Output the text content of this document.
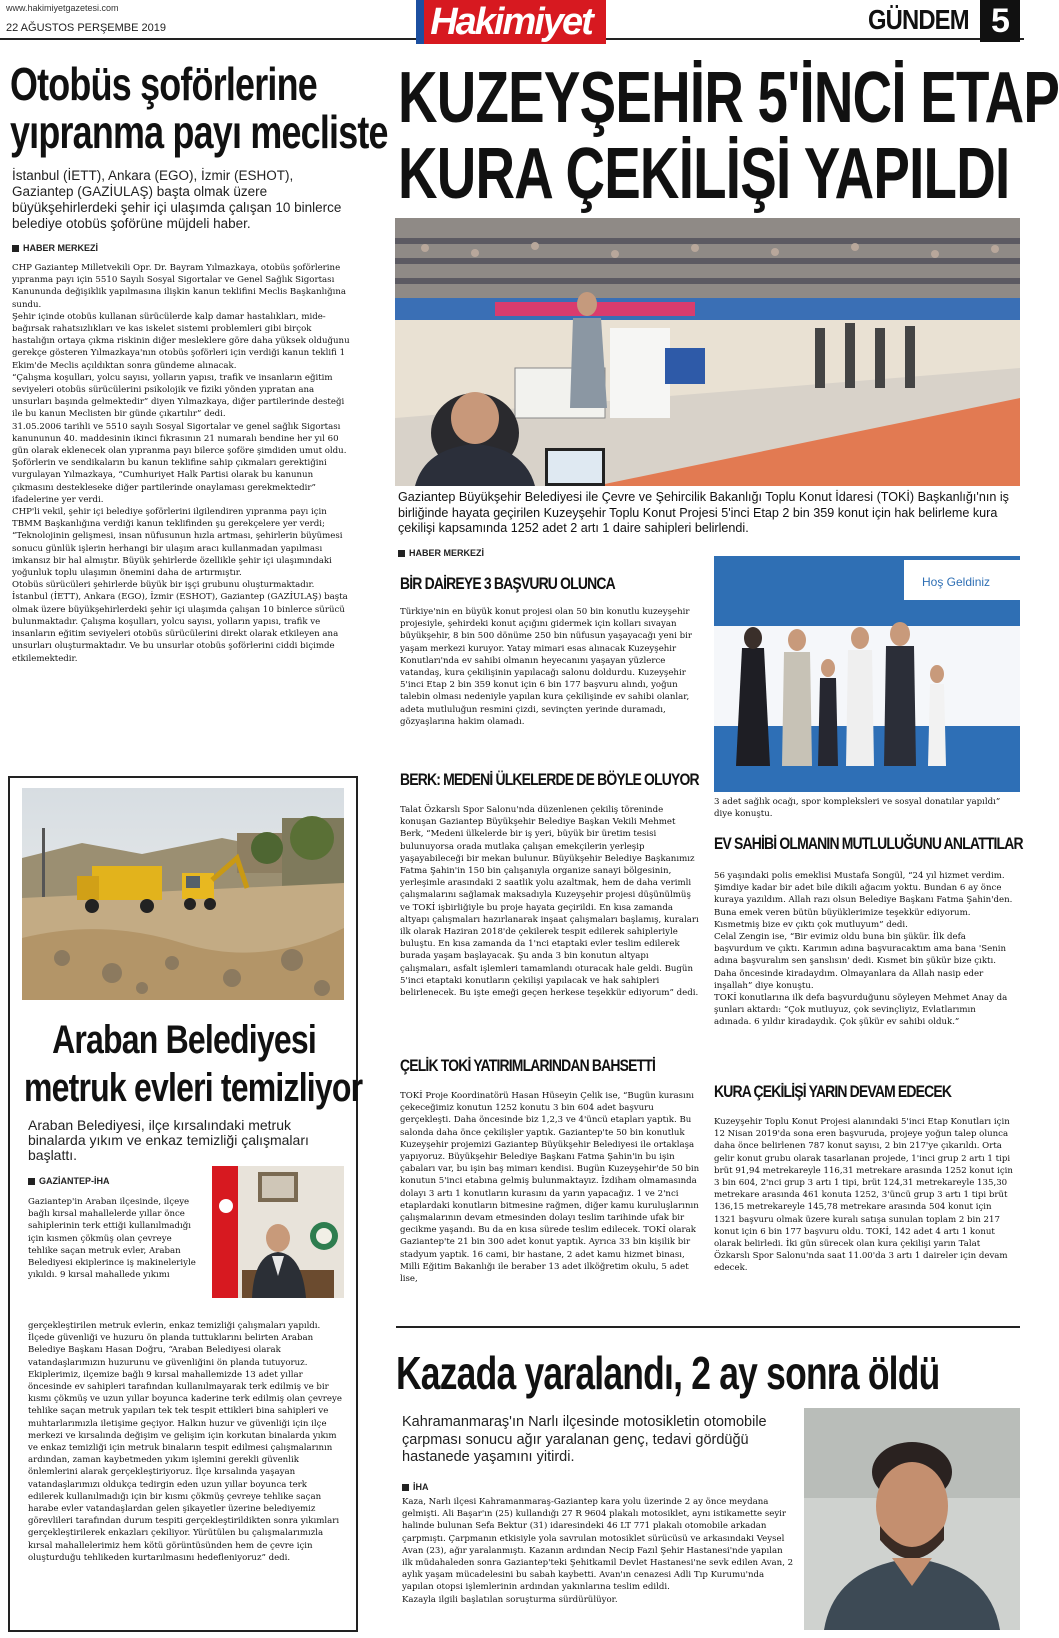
www.hakimiyetgazetesi.com
22 AĞUSTOS PERŞEMBE 2019	Hakimiyet	GÜNDEM 5
Otobüs şoförlerine
yıpranma payı mecliste
İstanbul (İETT), Ankara (EGO), İzmir (ESHOT), Gaziantep (GAZİULAŞ) başta olmak üzere büyükşehirlerdeki şehir içi ulaşımda çalışan 10 binlerce belediye otobüs şoförüne müjdeli haber.
HABER MERKEZİ
CHP Gaziantep Milletvekili Opr. Dr. Bayram Yılmazkaya, otobüs şoförlerine yıpranma payı için 5510 Sayılı Sosyal Sigortalar ve Genel Sağlık Sigortası Kanununda değişiklik yapılmasına ilişkin kanun teklifini Meclis Başkanlığına sundu.
Şehir içinde otobüs kullanan sürücülerde kalp damar hastalıkları, mide-bağırsak rahatsızlıkları ve kas iskelet sistemi problemleri gibi birçok hastalığın ortaya çıkma riskinin diğer mesleklere göre daha yüksek olduğunu gerekçe gösteren Yılmazkaya'nın otobüs şoförleri için verdiği kanun teklifi 1 Ekim'de Meclis açıldıktan sonra gündeme alınacak.
“Çalışma koşulları, yolcu sayısı, yolların yapısı, trafik ve insanların eğitim seviyeleri otobüs sürücülerini psikolojik ve fiziki yönden yıpratan ana unsurları başında gelmektedir” diyen Yılmazkaya, diğer partilerinde desteği ile bu kanun Meclisten bir günde çıkartılır” dedi.
31.05.2006 tarihli ve 5510 sayılı Sosyal Sigortalar ve genel sağlık Sigortası kanununun 40. maddesinin ikinci fıkrasının 21 numaralı bendine her yıl 60 gün olarak eklenecek olan yıpranma payı bilerce şoföre şimdiden umut oldu.
Şoförlerin ve sendikaların bu kanun teklifine sahip çıkmaları gerektiğini vurgulayan Yılmazkaya, “Cumhuriyet Halk Partisi olarak bu kanunun çıkmasını destekleseke diğer partilerinde onaylaması gerekmektedir” ifadelerine yer verdi.
CHP'li vekil, şehir içi belediye şoförlerini ilgilendiren yıpranma payı için TBMM Başkanlığına verdiği kanun teklifinden şu gerekçelere yer verdi;
“Teknolojinin gelişmesi, insan nüfusunun hızla artması, şehirlerin büyümesi sonucu günlük işlerin herhangi bir ulaşım aracı kullanmadan yapılması imkansız bir hal almıştır. Büyük şehirlerde özellikle şehir içi ulaşımındaki yoğunluk toplu ulaşımın önemini daha de artırmıştır.
Otobüs sürücüleri şehirlerde büyük bir işçi grubunu oluşturmaktadır. İstanbul (İETT), Ankara (EGO), İzmir (ESHOT), Gaziantep (GAZİULAŞ) başta olmak üzere büyükşehirlerdeki şehir içi ulaşımda çalışan 10 binlerce sürücü bulunmaktadır. Çalışma koşulları, yolcu sayısı, yolların yapısı, trafik ve insanların eğitim seviyeleri otobüs sürücülerini direkt olarak etkileyen ana unsurları oluşturmaktadır. Ve bu unsurlar otobüs şoförlerini ciddi biçimde etkilemektedir.
Araban Belediyesi
metruk evleri temizliyor
Araban Belediyesi, ilçe kırsalındaki metruk binalarda yıkım ve enkaz temizliği çalışmaları başlattı.
GAZİANTEP-İHA
Gaziantep'in Araban ilçesinde, ilçeye bağlı kırsal mahallelerde yıllar önce sahiplerinin terk ettiği kullanılmadığı için kısmen çökmüş olan çevreye tehlike saçan metruk evler, Araban Belediyesi ekiplerince iş makineleriyle yıkıldı. 9 kırsal mahallede yıkımı
gerçekleştirilen metruk evlerin, enkaz temizliği çalışmaları yapıldı.
İlçede güvenliği ve huzuru ön planda tuttuklarını belirten Araban Belediye Başkanı Hasan Doğru, “Araban Belediyesi olarak vatandaşlarımızın huzurunu ve güvenliğini ön planda tutuyoruz. Ekiplerimiz, ilçemize bağlı 9 kırsal mahallemizde 13 adet yıllar öncesinde ev sahipleri tarafından kullanılmayarak terk edilmiş ve bir kısmı çökmüş ve uzun yıllar boyunca kaderine terk edilmiş olan çevreye tehlike saçan metruk yapıları tek tek tespit ettikleri bina sahipleri ve muhtarlarımızla iletişime geçiyor. Halkın huzur ve güvenliği için ilçe merkezi ve kırsalında değişim ve gelişim için korkutan binalarda yıkım ve enkaz temizliği için metruk binaların tespit edilmesi çalışmalarının ardından, zaman kaybetmeden yıkım işlemini gerekli güvenlik önlemlerini alarak gerçekleştiriyoruz. İlçe kırsalında yaşayan vatandaşlarımızı oldukça tedirgin eden uzun yıllar boyunca terk edilerek kullanılmadığı için bir kısmı çökmüş çevreye tehlike saçan harabe evler vatandaşlardan gelen şikayetler üzerine belediyemiz görevlileri tarafından durum tespiti gerçekleştirildikten sonra yıkımları gerçekleştirilerek enkazları çekiliyor. Yürütülen bu çalışmalarımızla kırsal mahallelerimiz hem kötü görüntüsünden hem de çevre için oluşturduğu tehlikeden kurtarılmasını hedefleniyoruz” dedi.
KUZEYŞEHİR 5'İNCİ ETAP
KURA ÇEKİLİŞİ YAPILDI
Gaziantep Büyükşehir Belediyesi ile Çevre ve Şehircilik Bakanlığı Toplu Konut İdaresi (TOKİ) Başkanlığı'nın iş birliğinde hayata geçirilen Kuzeyşehir Toplu Konut Projesi 5'inci Etap 2 bin 359 konut için hak belirleme kura çekilişi kapsamında 1252 adet 2 artı 1 daire sahipleri belirlendi.
HABER MERKEZİ
BİR DAİREYE 3 BAŞVURU OLUNCA
Türkiye'nin en büyük konut projesi olan 50 bin konutlu kuzeyşehir projesiyle, şehirdeki konut açığını gidermek için kolları sıvayan büyükşehir, 8 bin 500 dönüme 250 bin nüfusun yaşayacağı yeni bir yaşam merkezi kuruyor. Yatay mimari esas alınacak Kuzeyşehir Konutları'nda ev sahibi olmanın heyecanını yaşayan yüzlerce vatandaş, kura çekilişinin yapılacağı salonu doldurdu. Kuzeyşehir 5'inci Etap 2 bin 359 konut için 6 bin 177 başvuru alındı, yoğun talebin olması nedeniyle yapılan kura çekilişinde ev sahibi olanlar, adeta mutluluğun resmini çizdi, sevinçten yerinde duramadı, gözyaşlarına hakim olamadı.
BERK: MEDENİ ÜLKELERDE DE BÖYLE OLUYOR
Talat Özkarslı Spor Salonu'nda düzenlenen çekiliş töreninde konuşan Gaziantep Büyükşehir Belediye Başkan Vekili Mehmet Berk, “Medeni ülkelerde bir iş yeri, büyük bir üretim tesisi bulunuyorsa orada mutlaka çalışan emekçilerin yerleşip yaşayabileceği bir mekan bulunur. Büyükşehir Belediye Başkanımız Fatma Şahin'in 150 bin çalışanıyla organize sanayi bölgesinin, yerleşimle arasındaki 2 saatlik yolu azaltmak, hem de daha verimli çalışmalarını sağlamak maksadıyla Kuzeyşehir projesi düşünülmüş ve TOKİ işbirliğiyle bu proje hayata geçirildi. En kısa zamanda altyapı çalışmaları hazırlanarak inşaat çalışmaları başlamış, kuraları ilk olarak Haziran 2018'de çekilerek tespit edilerek sahipleriyle buluştu. En kısa zamanda da 1'nci etaptaki evler teslim edilerek burada yaşam başlayacak. Şu anda 3 bin konutun altyapı çalışmaları, asfalt işlemleri tamamlandı oturacak hale geldi. Bugün 5'inci etaptaki konutların çekilişi yapılacak ve hak sahipleri belirlenecek. Bu işte emeği geçen herkese teşekkür ediyorum” dedi.
ÇELİK TOKİ YATIRIMLARINDAN BAHSETTİ
TOKİ Proje Koordinatörü Hasan Hüseyin Çelik ise, “Bugün kurasını çekeceğimiz konutun 1252 konutu 3 bin 604 adet başvuru gerçekleşti. Daha öncesinde biz 1,2,3 ve 4'üncü etapları yaptık. Bu salonda daha önce çekilişler yaptık. Gaziantep'te 50 bin konutluk Kuzeyşehir projemizi Gaziantep Büyükşehir Belediyesi ile ortaklaşa yapıyoruz. Büyükşehir Belediye Başkanı Fatma Şahin'in bu işin çabaları var, bu işin baş mimarı kendisi. Bugün Kuzeyşehir'de 50 bin konutun 5'inci etabına gelmiş bulunmaktayız. İzdiham olmamasında dolayı 3 artı 1 konutların kurasını da yarın yapacağız. 1 ve 2'nci etaplardaki konutların bitmesine rağmen, diğer kamu kuruluşlarının çalışmalarının devam etmesinden dolayı teslim tarihinde ufak bir gecikme yaşandı. Bu da en kısa sürede teslim edilecek. TOKİ olarak Gaziantep'te 21 bin 300 adet konut yaptık. Ayrıca 33 bin kişilik bir stadyum yaptık. 16 cami, bir hastane, 2 adet kamu hizmet binası, Milli Eğitim Bakanlığı ile beraber 13 adet ilköğretim okulu, 5 adet lise,
Hoş Geldiniz
3 adet sağlık ocağı, spor kompleksleri ve sosyal donatılar yapıldı” diye konuştu.
EV SAHİBİ OLMANIN MUTLULUĞUNU ANLATTILAR
56 yaşındaki polis emeklisi Mustafa Songül, “24 yıl hizmet verdim. Şimdiye kadar bir adet bile dikili ağacım yoktu. Bundan 6 ay önce kuraya yazıldım. Allah razı olsun Belediye Başkanı Fatma Şahin'den. Buna emek veren bütün büyüklerimize teşekkür ediyorum. Kısmetmiş bize ev çıktı çok mutluyum” dedi.
Celal Zengin ise, “Bir evimiz oldu buna bin şükür. İlk defa başvurdum ve çıktı. Karımın adına başvuracaktım ama bana 'Senin adına başvuralım sen şanslısın' dedi. Kısmet bin şükür bize çıktı. Daha öncesinde kiradaydım. Olmayanlara da Allah nasip eder inşallah” diye konuştu.
TOKİ konutlarına ilk defa başvurduğunu söyleyen Mehmet Anay da şunları aktardı: “Çok mutluyuz, çok sevinçliyiz, Evlatlarımın adınada. 6 yıldır kiradaydık. Çok şükür ev sahibi olduk.”
KURA ÇEKİLİŞİ YARIN DEVAM EDECEK
Kuzeyşehir Toplu Konut Projesi alanındaki 5'inci Etap Konutları için 12 Nisan 2019'da sona eren başvuruda, projeye yoğun talep olunca daha önce belirlenen 787 konut sayısı, 2 bin 217'ye çıkarıldı. Orta gelir konut grubu olarak tasarlanan projede, 1'inci grup 2 artı 1 tipi brüt 91,94 metrekareyle 116,31 metrekare arasında 1252 konut için 3 bin 604, 2'nci grup 3 artı 1 tipi, brüt 124,31 metrekareyle 135,30 metrekare arasında 461 konuta 1252, 3'üncü grup 3 artı 1 tipi brüt 136,15 metrekareyle 145,78 metrekare arasında 504 konut için 1321 başvuru olmak üzere kuralı satışa sunulan toplam 2 bin 217 konut için 6 bin 177 başvuru oldu. TOKİ, 142 adet 4 artı 1 konut olarak belirledi. İki gün sürecek olan kura çekilişi yarın Talat Özkarslı Spor Salonu'nda saat 11.00'da 3 artı 1 daireler için devam edecek.
Kazada yaralandı, 2 ay sonra öldü
Kahramanmaraş'ın Narlı ilçesinde motosikletin otomobile çarpması sonucu ağır yaralanan genç, tedavi gördüğü hastanede yaşamını yitirdi.
İHA
Kaza, Narlı ilçesi Kahramanmaraş-Gaziantep kara yolu üzerinde 2 ay önce meydana gelmişti. Ali Başar'ın (25) kullandığı 27 R 9604 plakalı motosiklet, aynı istikamette seyir halinde bulunan Sefa Bektur (31) idaresindeki 46 LT 771 plakalı otomobile arkadan çarpmıştı. Çarpmanın etkisiyle yola savrulan motosiklet sürücüsü ve arkasındaki Veysel Avan (23), ağır yaralanmıştı. Kazanın ardından Necip Fazıl Şehir Hastanesi'nde yapılan ilk müdahaleden sonra Gaziantep'teki Şehitkamil Devlet Hastanesi'ne sevk edilen Avan, 2 aylık yaşam mücadelesini bu sabah kaybetti. Avan'ın cenazesi Adli Tıp Kurumu'nda yapılan otopsi işlemlerinin ardından yakınlarına teslim edildi.
Kazayla ilgili başlatılan soruşturma sürdürülüyor.
